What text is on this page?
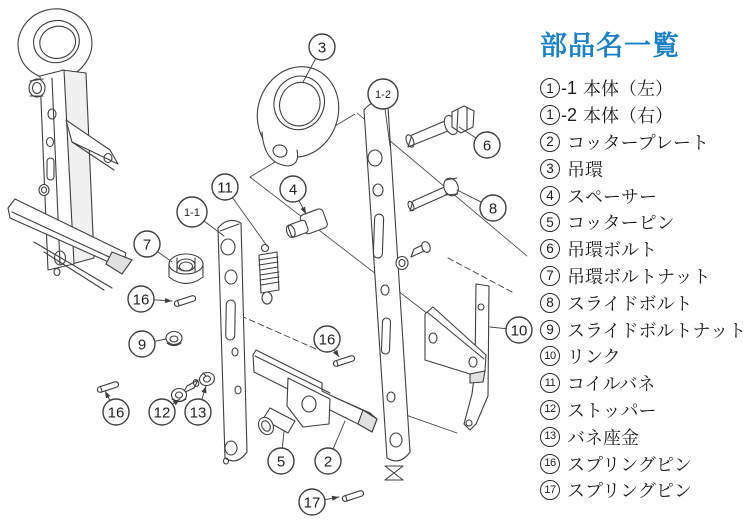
3
1-2
6
8
11	4
1-1
7
16
9
16 12 13
16
10
5	2
17
部品名一覧
1 -1 本体（左）
1 -2 本体（右）
2 コッタープレート
3 吊環
4 スペーサー
5 コッターピン
6 吊環ボルト
7 吊環ボルトナット
8 スライドボルト
9 スライドボルトナット
10 リンク
11 コイルバネ
12 ストッパー
13 バネ座金
16 スプリングピン
17 スプリングピン
